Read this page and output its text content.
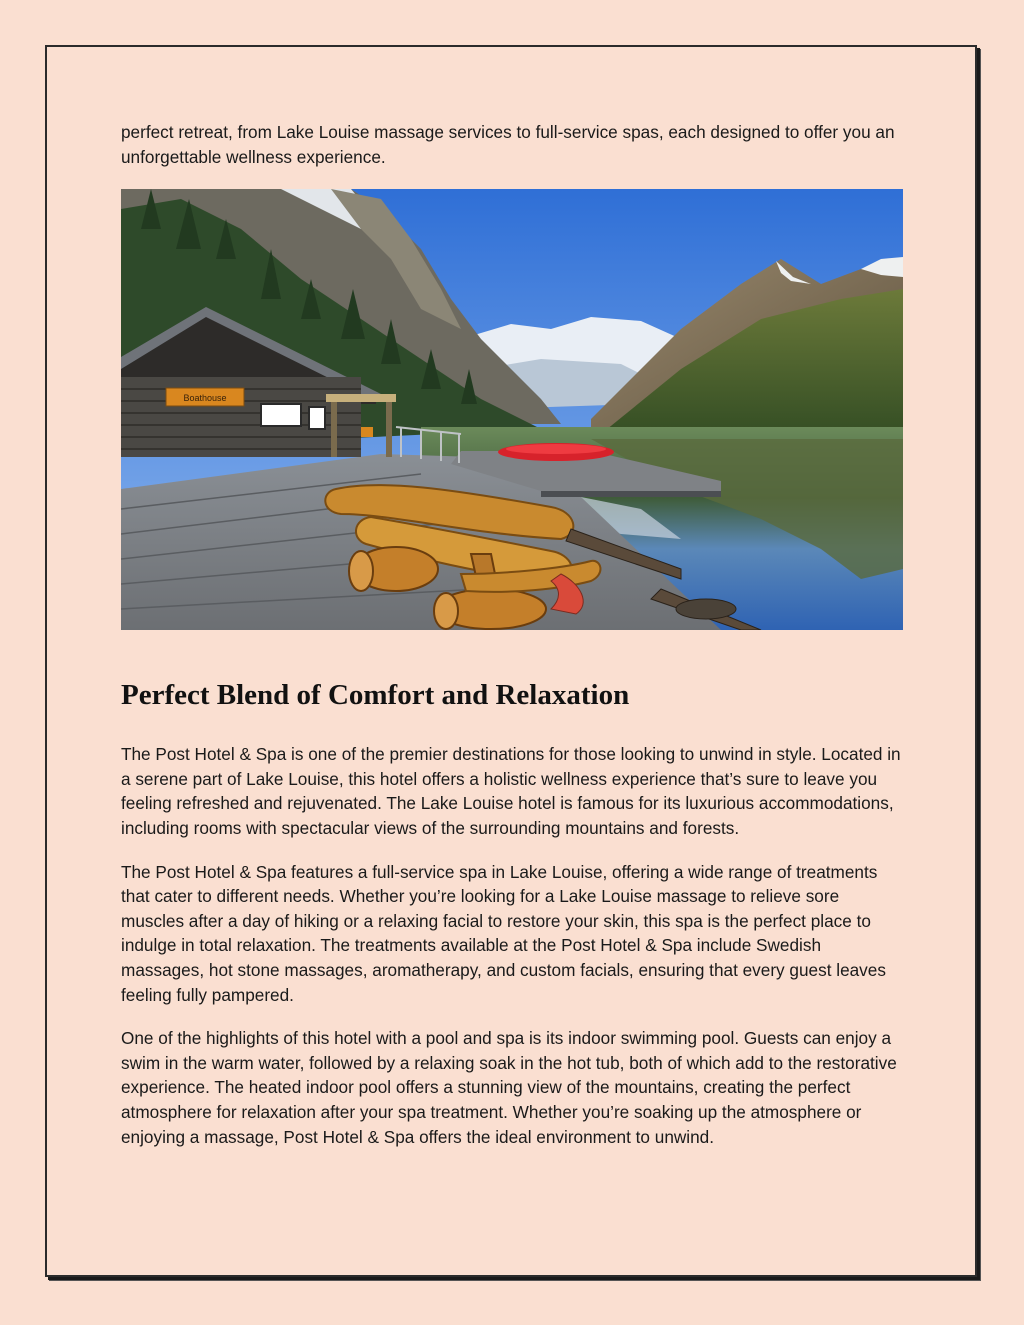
perfect retreat, from Lake Louise massage services to full-service spas, each designed to offer you an unforgettable wellness experience.

Boathouse
Perfect Blend of Comfort and Relaxation

The Post Hotel & Spa is one of the premier destinations for those looking to unwind in style. Located in a serene part of Lake Louise, this hotel offers a holistic wellness experience that’s sure to leave you feeling refreshed and rejuvenated. The Lake Louise hotel is famous for its luxurious accommodations, including rooms with spectacular views of the surrounding mountains and forests.

The Post Hotel & Spa features a full-service spa in Lake Louise, offering a wide range of treatments that cater to different needs. Whether you’re looking for a Lake Louise massage to relieve sore muscles after a day of hiking or a relaxing facial to restore your skin, this spa is the perfect place to indulge in total relaxation. The treatments available at the Post Hotel & Spa include Swedish massages, hot stone massages, aromatherapy, and custom facials, ensuring that every guest leaves feeling fully pampered.

One of the highlights of this hotel with a pool and spa is its indoor swimming pool. Guests can enjoy a swim in the warm water, followed by a relaxing soak in the hot tub, both of which add to the restorative experience. The heated indoor pool offers a stunning view of the mountains, creating the perfect atmosphere for relaxation after your spa treatment. Whether you’re soaking up the atmosphere or enjoying a massage, Post Hotel & Spa offers the ideal environment to unwind.
